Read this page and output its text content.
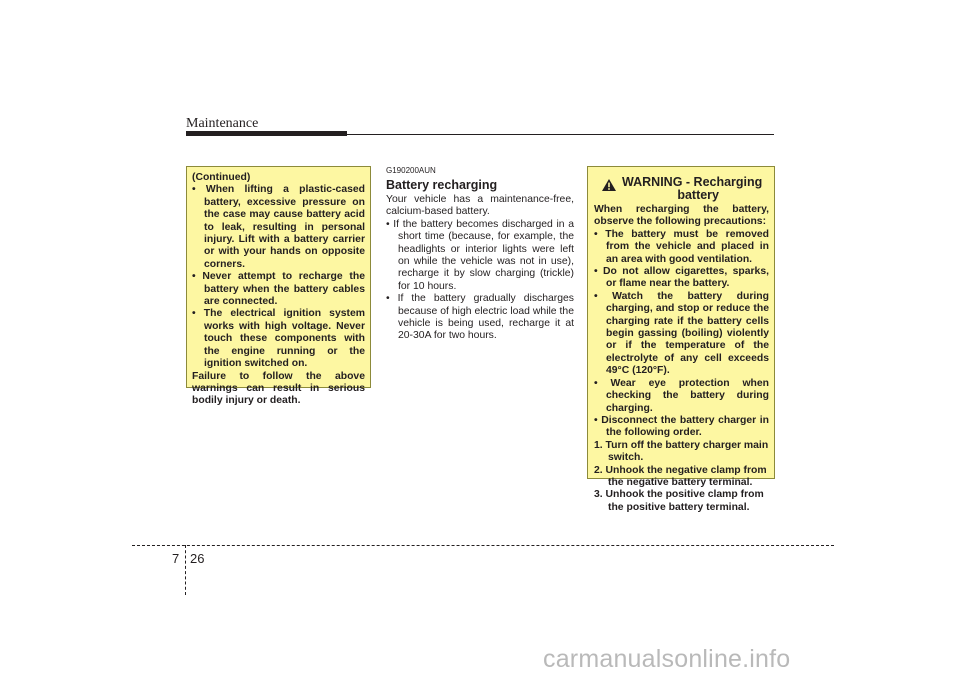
Maintenance

(Continued)

• When lifting a plastic-cased battery, excessive pressure on the case may cause battery acid to leak, resulting in personal injury. Lift with a battery carrier or with your hands on opposite corners.

• Never attempt to recharge the battery when the battery cables are connected.

• The electrical ignition system works with high voltage. Never touch these components with the engine running or the ignition switched on.

Failure to follow the above warnings can result in serious bodily injury or death.

G190200AUN
Battery recharging

Your vehicle has a maintenance-free, calcium-based battery.

• If the battery becomes discharged in a short time (because, for example, the headlights or interior lights were left on while the vehicle was not in use), recharge it by slow charging (trickle) for 10 hours.

• If the battery gradually discharges because of high electric load while the vehicle is being used, recharge it at 20-30A for two hours.

WARNING - Recharging
battery

When recharging the battery, observe the following precautions:

• The battery must be removed from the vehicle and placed in an area with good ventilation.

• Do not allow cigarettes, sparks, or flame near the battery.

• Watch the battery during charging, and stop or reduce the charging rate if the battery cells begin gassing (boiling) violently or if the temperature of the electrolyte of any cell exceeds 49°C (120°F).

• Wear eye protection when checking the battery during charging.

• Disconnect the battery charger in the following order.

1. Turn off the battery charger main switch.

2. Unhook the negative clamp from the negative battery terminal.

3. Unhook the positive clamp from the positive battery terminal.

7 26
carmanualsonline.info
